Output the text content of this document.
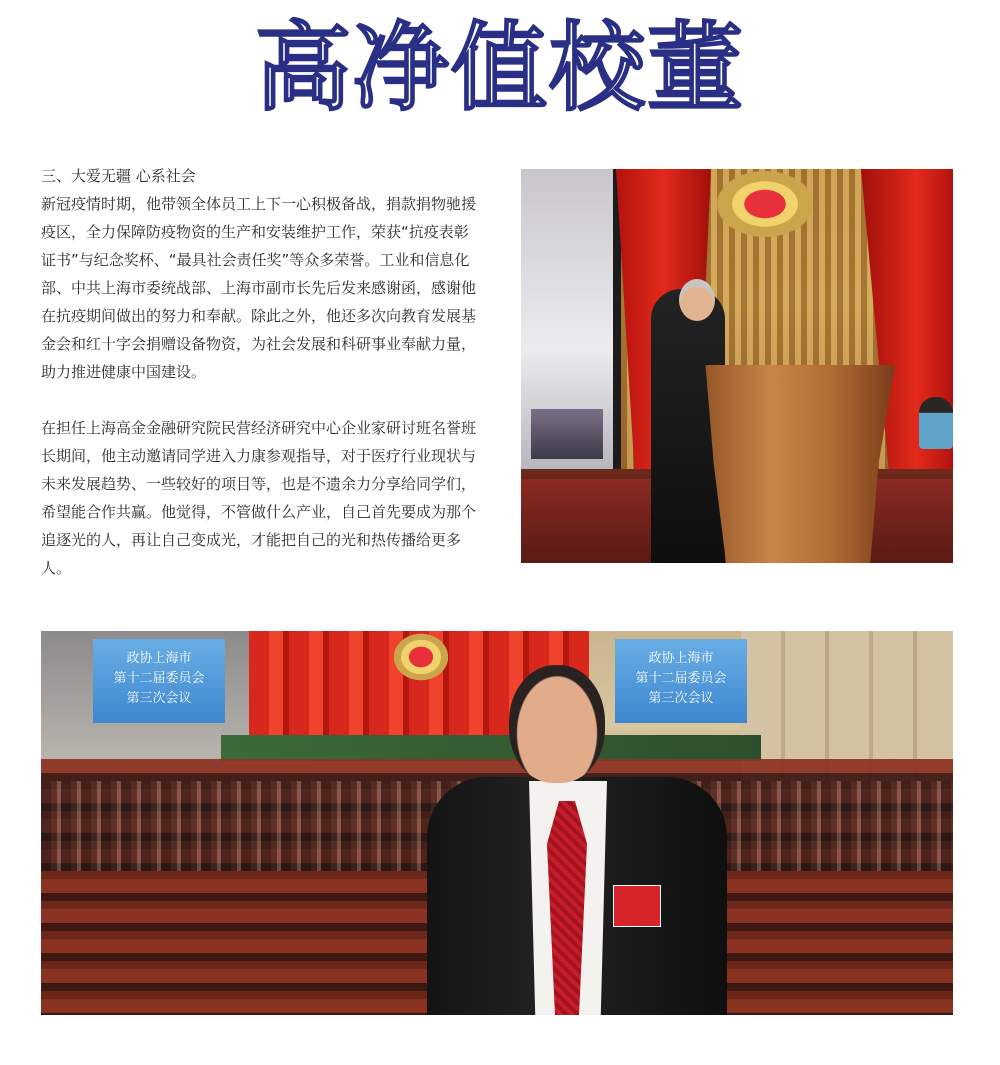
高净值校董

三、大爱无疆 心系社会

新冠疫情时期，他带领全体员工上下一心积极备战，捐款捐物驰援疫区，全力保障防疫物资的生产和安装维护工作，荣获“抗疫表彰证书”与纪念奖杯、“最具社会责任奖”等众多荣誉。工业和信息化部、中共上海市委统战部、上海市副市长先后发来感谢函，感谢他在抗疫期间做出的努力和奉献。除此之外，他还多次向教育发展基金会和红十字会捐赠设备物资，为社会发展和科研事业奉献力量，助力推进健康中国建设。

在担任上海高金金融研究院民营经济研究中心企业家研讨班名誉班长期间，他主动邀请同学进入力康参观指导，对于医疗行业现状与未来发展趋势、一些较好的项目等，也是不遗余力分享给同学们，希望能合作共赢。他觉得，不管做什么产业，自己首先要成为那个追逐光的人，再让自己变成光，才能把自己的光和热传播给更多人。

政协上海市
第十二届委员会
第三次会议
政协上海市
第十二届委员会
第三次会议
